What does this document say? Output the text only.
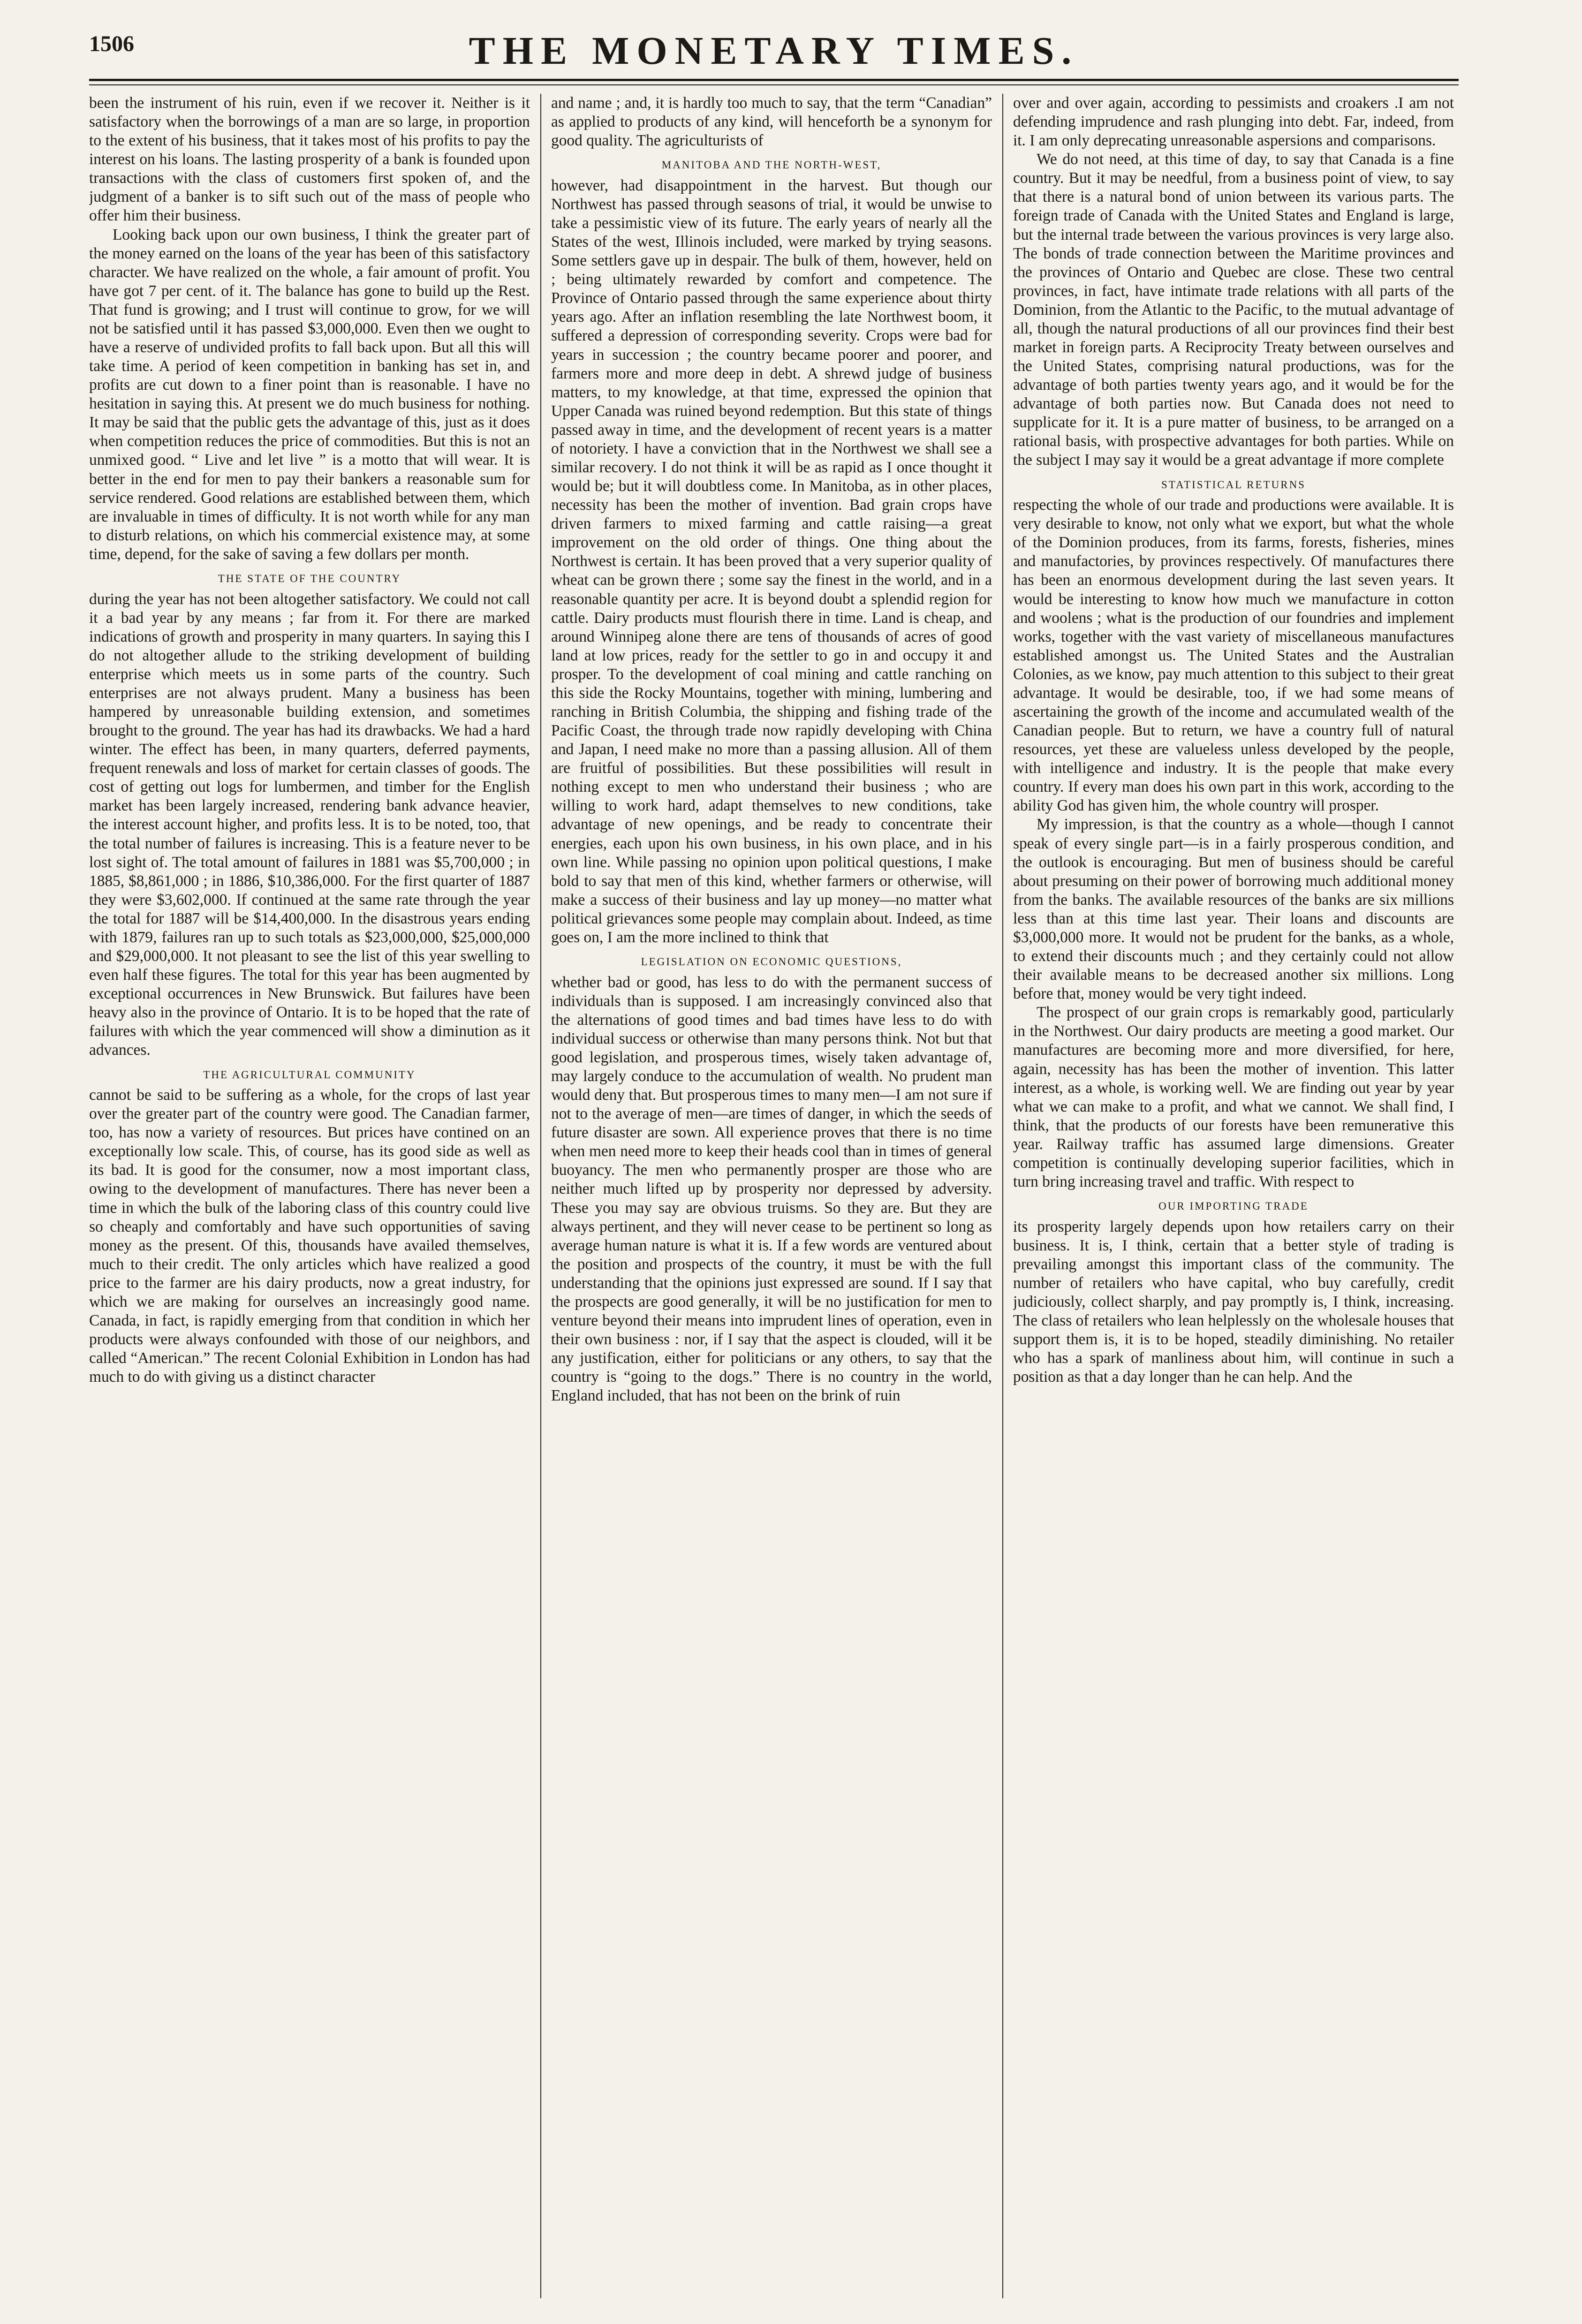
1506	THE MONETARY TIMES.

been the instrument of his ruin, even if we recover it. Neither is it satisfactory when the borrowings of a man are so large, in proportion to the extent of his business, that it takes most of his profits to pay the interest on his loans. The lasting prosperity of a bank is founded upon transactions with the class of customers first spoken of, and the judgment of a banker is to sift such out of the mass of people who offer him their business.

Looking back upon our own business, I think the greater part of the money earned on the loans of the year has been of this satisfactory character. We have realized on the whole, a fair amount of profit. You have got 7 per cent. of it. The balance has gone to build up the Rest. That fund is growing; and I trust will continue to grow, for we will not be satisfied until it has passed $3,000,000. Even then we ought to have a reserve of undivided profits to fall back upon. But all this will take time. A period of keen competition in banking has set in, and profits are cut down to a finer point than is reasonable. I have no hesitation in saying this. At present we do much business for nothing. It may be said that the public gets the advantage of this, just as it does when competition reduces the price of commodities. But this is not an unmixed good. “ Live and let live ” is a motto that will wear. It is better in the end for men to pay their bankers a reasonable sum for service rendered. Good relations are established between them, which are invaluable in times of difficulty. It is not worth while for any man to disturb relations, on which his commercial existence may, at some time, depend, for the sake of saving a few dollars per month.

THE STATE OF THE COUNTRY

during the year has not been altogether satisfactory. We could not call it a bad year by any means ; far from it. For there are marked indications of growth and prosperity in many quarters. In saying this I do not altogether allude to the striking development of building enterprise which meets us in some parts of the country. Such enterprises are not always prudent. Many a business has been hampered by unreasonable building extension, and sometimes brought to the ground. The year has had its drawbacks. We had a hard winter. The effect has been, in many quarters, deferred payments, frequent renewals and loss of market for certain classes of goods. The cost of getting out logs for lumbermen, and timber for the English market has been largely increased, rendering bank advance heavier, the interest account higher, and profits less. It is to be noted, too, that the total number of failures is increasing. This is a feature never to be lost sight of. The total amount of failures in 1881 was $5,700,000 ; in 1885, $8,861,000 ; in 1886, $10,386,000. For the first quarter of 1887 they were $3,602,000. If continued at the same rate through the year the total for 1887 will be $14,400,000. In the disastrous years ending with 1879, failures ran up to such totals as $23,000,000, $25,000,000 and $29,000,000. It not pleasant to see the list of this year swelling to even half these figures. The total for this year has been augmented by exceptional occurrences in New Brunswick. But failures have been heavy also in the province of Ontario. It is to be hoped that the rate of failures with which the year commenced will show a diminution as it advances.

THE AGRICULTURAL COMMUNITY

cannot be said to be suffering as a whole, for the crops of last year over the greater part of the country were good. The Canadian farmer, too, has now a variety of resources. But prices have contined on an exceptionally low scale. This, of course, has its good side as well as its bad. It is good for the consumer, now a most important class, owing to the development of manufactures. There has never been a time in which the bulk of the laboring class of this country could live so cheaply and comfortably and have such opportunities of saving money as the present. Of this, thousands have availed themselves, much to their credit. The only articles which have realized a good price to the farmer are his dairy products, now a great industry, for which we are making for ourselves an increasingly good name. Canada, in fact, is rapidly emerging from that condition in which her products were always confounded with those of our neighbors, and called “American.” The recent Colonial Exhibition in London has had much to do with giving us a distinct character

and name ; and, it is hardly too much to say, that the term “Canadian” as applied to products of any kind, will henceforth be a synonym for good quality. The agriculturists of

MANITOBA AND THE NORTH-WEST,

however, had disappointment in the harvest. But though our Northwest has passed through seasons of trial, it would be unwise to take a pessimistic view of its future. The early years of nearly all the States of the west, Illinois included, were marked by trying seasons. Some settlers gave up in despair. The bulk of them, however, held on ; being ultimately rewarded by comfort and competence. The Province of Ontario passed through the same experience about thirty years ago. After an inflation resembling the late Northwest boom, it suffered a depression of corresponding severity. Crops were bad for years in succession ; the country became poorer and poorer, and farmers more and more deep in debt. A shrewd judge of business matters, to my knowledge, at that time, expressed the opinion that Upper Canada was ruined beyond redemption. But this state of things passed away in time, and the development of recent years is a matter of notoriety. I have a conviction that in the Northwest we shall see a similar recovery. I do not think it will be as rapid as I once thought it would be; but it will doubtless come. In Manitoba, as in other places, necessity has been the mother of invention. Bad grain crops have driven farmers to mixed farming and cattle raising—a great improvement on the old order of things. One thing about the Northwest is certain. It has been proved that a very superior quality of wheat can be grown there ; some say the finest in the world, and in a reasonable quantity per acre. It is beyond doubt a splendid region for cattle. Dairy products must flourish there in time. Land is cheap, and around Winnipeg alone there are tens of thousands of acres of good land at low prices, ready for the settler to go in and occupy it and prosper. To the development of coal mining and cattle ranching on this side the Rocky Mountains, together with mining, lumbering and ranching in British Columbia, the shipping and fishing trade of the Pacific Coast, the through trade now rapidly developing with China and Japan, I need make no more than a passing allusion. All of them are fruitful of possibilities. But these possibilities will result in nothing except to men who understand their business ; who are willing to work hard, adapt themselves to new conditions, take advantage of new openings, and be ready to concentrate their energies, each upon his own business, in his own place, and in his own line. While passing no opinion upon political questions, I make bold to say that men of this kind, whether farmers or otherwise, will make a success of their business and lay up money—no matter what political grievances some people may complain about. Indeed, as time goes on, I am the more inclined to think that

LEGISLATION ON ECONOMIC QUESTIONS,

whether bad or good, has less to do with the permanent success of individuals than is supposed. I am increasingly convinced also that the alternations of good times and bad times have less to do with individual success or otherwise than many persons think. Not but that good legislation, and prosperous times, wisely taken advantage of, may largely conduce to the accumulation of wealth. No prudent man would deny that. But prosperous times to many men—I am not sure if not to the average of men—are times of danger, in which the seeds of future disaster are sown. All experience proves that there is no time when men need more to keep their heads cool than in times of general buoyancy. The men who permanently prosper are those who are neither much lifted up by prosperity nor depressed by adversity. These you may say are obvious truisms. So they are. But they are always pertinent, and they will never cease to be pertinent so long as average human nature is what it is. If a few words are ventured about the position and prospects of the country, it must be with the full understanding that the opinions just expressed are sound. If I say that the prospects are good generally, it will be no justification for men to venture beyond their means into imprudent lines of operation, even in their own business : nor, if I say that the aspect is clouded, will it be any justification, either for politicians or any others, to say that the country is “going to the dogs.” There is no country in the world, England included, that has not been on the brink of ruin

over and over again, according to pessimists and croakers .I am not defending imprudence and rash plunging into debt. Far, indeed, from it. I am only deprecating unreasonable aspersions and comparisons.

We do not need, at this time of day, to say that Canada is a fine country. But it may be needful, from a business point of view, to say that there is a natural bond of union between its various parts. The foreign trade of Canada with the United States and England is large, but the internal trade between the various provinces is very large also. The bonds of trade connection between the Maritime provinces and the provinces of Ontario and Quebec are close. These two central provinces, in fact, have intimate trade relations with all parts of the Dominion, from the Atlantic to the Pacific, to the mutual advantage of all, though the natural productions of all our provinces find their best market in foreign parts. A Reciprocity Treaty between ourselves and the United States, comprising natural productions, was for the advantage of both parties twenty years ago, and it would be for the advantage of both parties now. But Canada does not need to supplicate for it. It is a pure matter of business, to be arranged on a rational basis, with prospective advantages for both parties. While on the subject I may say it would be a great advantage if more complete

STATISTICAL RETURNS

respecting the whole of our trade and productions were available. It is very desirable to know, not only what we export, but what the whole of the Dominion produces, from its farms, forests, fisheries, mines and manufactories, by provinces respectively. Of manufactures there has been an enormous development during the last seven years. It would be interesting to know how much we manufacture in cotton and woolens ; what is the production of our foundries and implement works, together with the vast variety of miscellaneous manufactures established amongst us. The United States and the Australian Colonies, as we know, pay much attention to this subject to their great advantage. It would be desirable, too, if we had some means of ascertaining the growth of the income and accumulated wealth of the Canadian people. But to return, we have a country full of natural resources, yet these are valueless unless developed by the people, with intelligence and industry. It is the people that make every country. If every man does his own part in this work, according to the ability God has given him, the whole country will prosper.

My impression, is that the country as a whole—though I cannot speak of every single part—is in a fairly prosperous condition, and the outlook is encouraging. But men of business should be careful about presuming on their power of borrowing much additional money from the banks. The available resources of the banks are six millions less than at this time last year. Their loans and discounts are $3,000,000 more. It would not be prudent for the banks, as a whole, to extend their discounts much ; and they certainly could not allow their available means to be decreased another six millions. Long before that, money would be very tight indeed.

The prospect of our grain crops is remarkably good, particularly in the Northwest. Our dairy products are meeting a good market. Our manufactures are becoming more and more diversified, for here, again, necessity has has been the mother of invention. This latter interest, as a whole, is working well. We are finding out year by year what we can make to a profit, and what we cannot. We shall find, I think, that the products of our forests have been remunerative this year. Railway traffic has assumed large dimensions. Greater competition is continually developing superior facilities, which in turn bring increasing travel and traffic. With respect to

OUR IMPORTING TRADE

its prosperity largely depends upon how retailers carry on their business. It is, I think, certain that a better style of trading is prevailing amongst this important class of the community. The number of retailers who have capital, who buy carefully, credit judiciously, collect sharply, and pay promptly is, I think, increasing. The class of retailers who lean helplessly on the wholesale houses that support them is, it is to be hoped, steadily diminishing. No retailer who has a spark of manliness about him, will continue in such a position as that a day longer than he can help. And the
